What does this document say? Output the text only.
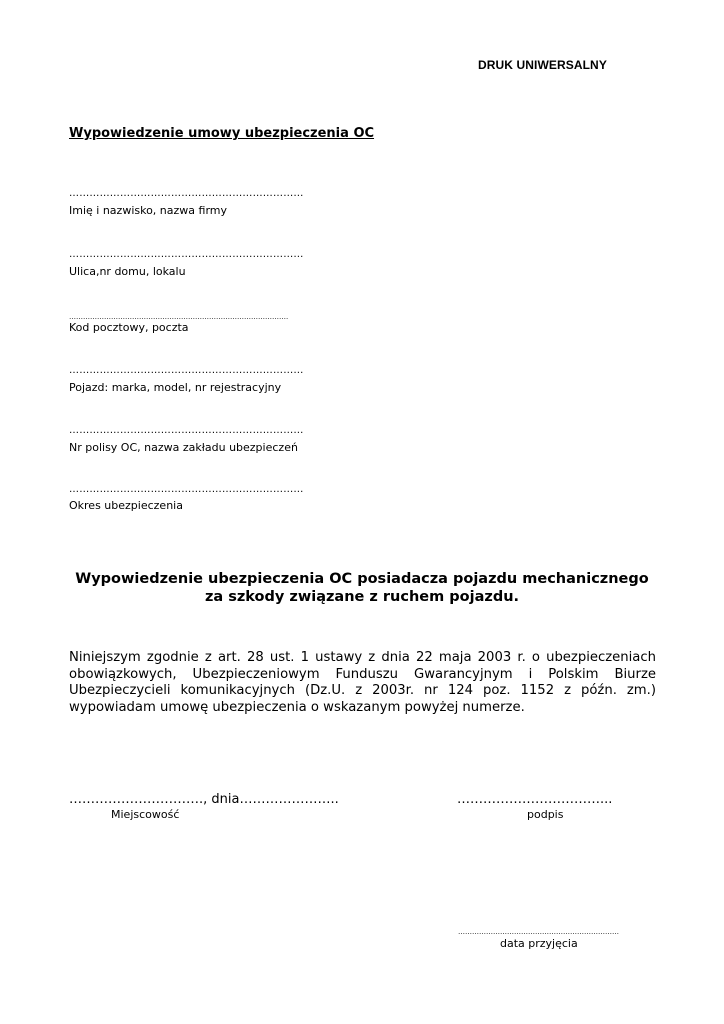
DRUK UNIWERSALNY
Wypowiedzenie umowy ubezpieczenia OC
……………………………………………………………
Imię i nazwisko, nazwa firmy
……………………………………………………………
Ulica,nr domu, lokalu
………………………………………………………………………………….
Kod pocztowy, poczta
……………………………………………………………
Pojazd: marka, model, nr rejestracyjny
……………………………………………………………
Nr polisy OC, nazwa zakładu ubezpieczeń
……………………………………………………………
Okres ubezpieczenia
Wypowiedzenie ubezpieczenia OC posiadacza pojazdu mechanicznego
za szkody związane z ruchem pojazdu.
Niniejszym zgodnie z art. 28 ust. 1 ustawy z dnia 22 maja 2003 r. o ubezpieczeniach obowiązkowych, Ubezpieczeniowym Funduszu Gwarancyjnym i Polskim Biurze Ubezpieczycieli komunikacyjnych (Dz.U. z 2003r. nr 124 poz. 1152 z późn. zm.) wypowiadam umowę ubezpieczenia o wskazanym powyżej numerze.
…………………………., dnia…………………..
Miejscowość
……………………………...
podpis
……………………………………………………………
data przyjęcia
